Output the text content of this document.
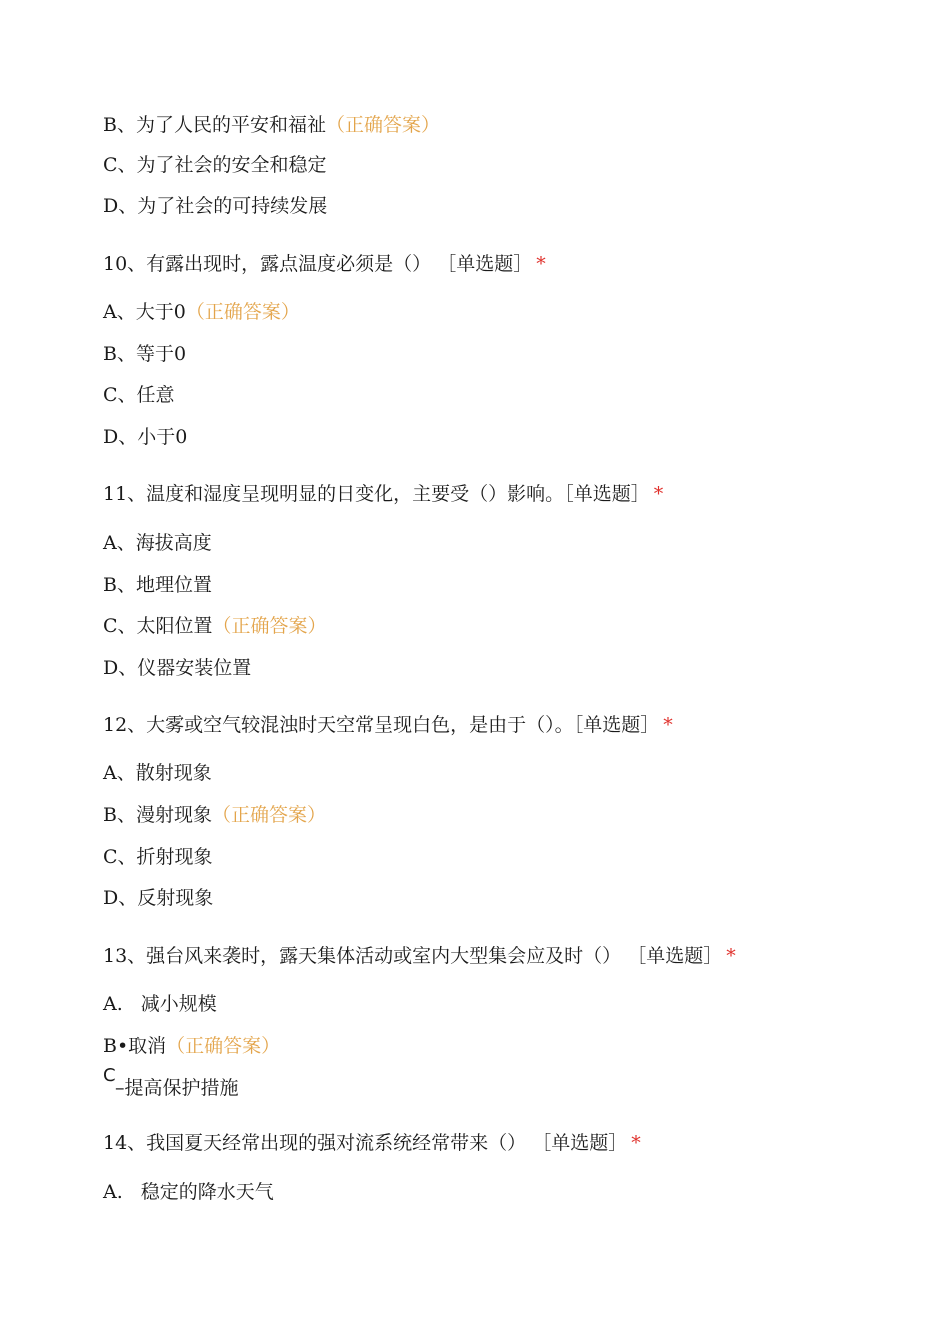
B、为了人民的平安和福祉（正确答案）
C、为了社会的安全和稳定
D、为了社会的可持续发展
10、有露出现时，露点温度必须是（） ［单选题］ *
A、大于0（正确答案）
B、等于0
C、任意
D、小于0
11、温度和湿度呈现明显的日变化，主要受（）影响。［单选题］ *
A、海拔高度
B、地理位置
C、太阳位置（正确答案）
D、仪器安装位置
12、大雾或空气较混浊时天空常呈现白色，是由于（）。［单选题］ *
A、散射现象
B、漫射现象（正确答案）
C、折射现象
D、反射现象
13、强台风来袭时，露天集体活动或室内大型集会应及时（） ［单选题］ *
A. 减小规模
B•取消（正确答案）
C
–提高保护措施
14、我国夏天经常出现的强对流系统经常带来（） ［单选题］ *
A. 稳定的降水天气
